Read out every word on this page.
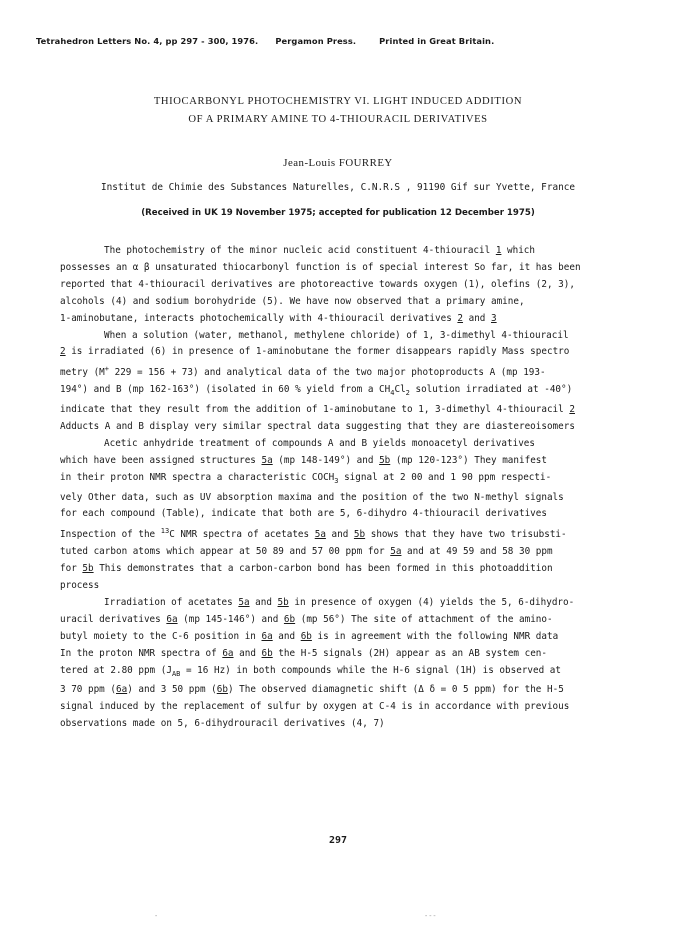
Tetrahedron Letters No. 4, pp 297 - 300, 1976. Pergamon Press.	Printed in Great Britain.
THIOCARBONYL PHOTOCHEMISTRY VI. LIGHT INDUCED ADDITION
OF A PRIMARY AMINE TO 4-THIOURACIL DERIVATIVES
Jean-Louis FOURREY
Institut de Chimie des Substances Naturelles, C.N.R.S , 91190 Gif sur Yvette, France
(Received in UK 19 November 1975; accepted for publication 12 December 1975)

The photochemistry of the minor nucleic acid constituent 4-thiouracil 1 which

possesses an α β unsaturated thiocarbonyl function is of special interest So far, it has been

reported that 4-thiouracil derivatives are photoreactive towards oxygen (1), olefins (2, 3),

alcohols (4) and sodium borohydride (5). We have now observed that a primary amine,

1-aminobutane, interacts photochemically with 4-thiouracil derivatives 2 and 3

When a solution (water, methanol, methylene chloride) of 1, 3-dimethyl 4-thiouracil

2 is irradiated (6) in presence of 1-aminobutane the former disappears rapidly Mass spectro

metry (M+ 229 = 156 + 73) and analytical data of the two major photoproducts A (mp 193-

194°) and B (mp 162-163°) (isolated in 60 % yield from a $CH_4Cl_2$ solution irradiated at -40°)

indicate that they result from the addition of 1-aminobutane to 1, 3-dimethyl 4-thiouracil 2

Adducts A and B display very similar spectral data suggesting that they are diastereoisomers

Acetic anhydride treatment of compounds A and B yields monoacetyl derivatives

which have been assigned structures 5a (mp 148-149°) and 5b (mp 120-123°) They manifest

in their proton NMR spectra a characteristic $COCH_3$ signal at 2 00 and 1 90 ppm respecti-

vely Other data, such as UV absorption maxima and the position of the two N-methyl signals

for each compound (Table), indicate that both are 5, 6-dihydro 4-thiouracil derivatives

Inspection of the $^{13}$C NMR spectra of acetates 5a and 5b shows that they have two trisubsti-

tuted carbon atoms which appear at 50 89 and 57 00 ppm for 5a and at 49 59 and 58 30 ppm

for 5b This demonstrates that a carbon-carbon bond has been formed in this photoaddition

process

Irradiation of acetates 5a and 5b in presence of oxygen (4) yields the 5, 6-dihydro-

uracil derivatives 6a (mp 145-146°) and 6b (mp 56°) The site of attachment of the amino-

butyl moiety to the C-6 position in 6a and 6b is in agreement with the following NMR data

In the proton NMR spectra of 6a and 6b the H-5 signals (2H) appear as an AB system cen-

tered at 2.80 ppm ($J_{AB} = 16$ Hz) in both compounds while the H-6 signal (1H) is observed at

3 70 ppm (6a) and 3 50 ppm (6b) The observed diamagnetic shift (Δ δ = 0 5 ppm) for the H-5

signal induced by the replacement of sulfur by oxygen at C-4 is in accordance with previous

observations made on 5, 6-dihydrouracil derivatives (4, 7)

297
-	---
